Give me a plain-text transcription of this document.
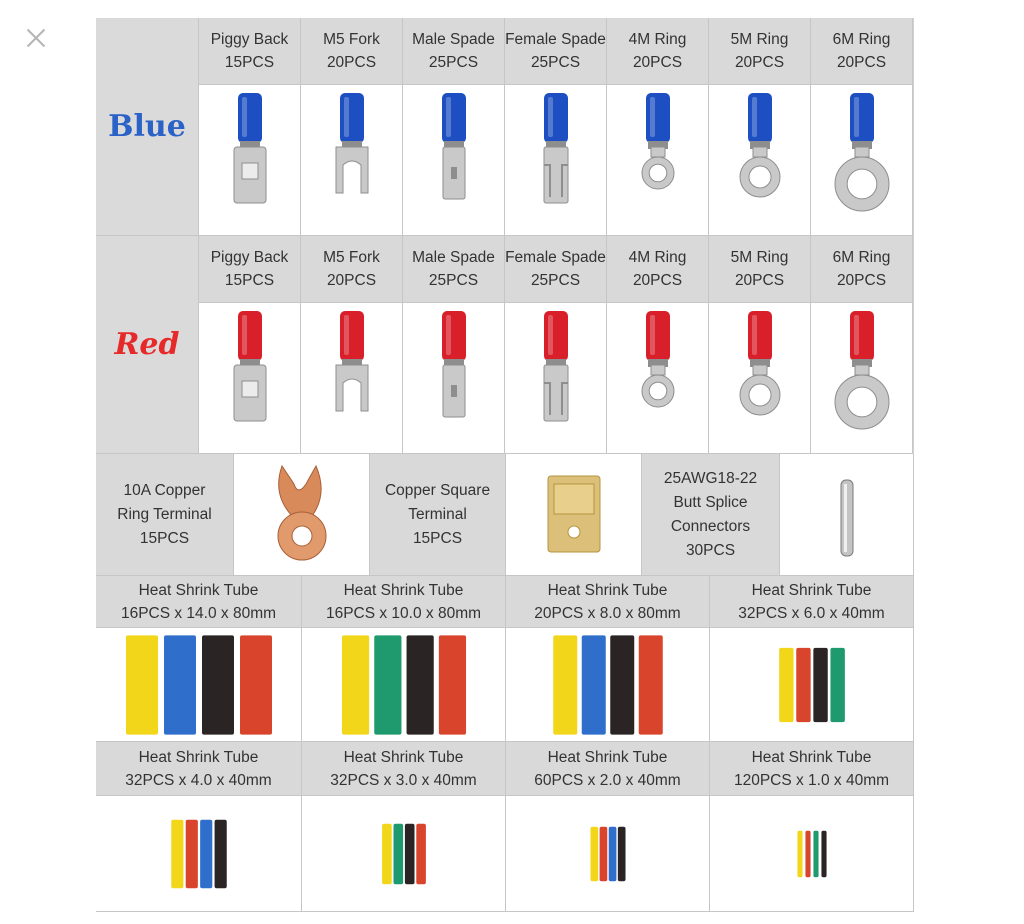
Blue
Piggy Back
15PCS
M5 Fork
20PCS
Male Spade
25PCS
Female Spade
25PCS
4M Ring
20PCS
5M Ring
20PCS
6M Ring
20PCS
Red
Piggy Back
15PCS
M5 Fork
20PCS
Male Spade
25PCS
Female Spade
25PCS
4M Ring
20PCS
5M Ring
20PCS
6M Ring
20PCS
10A Copper
Ring Terminal
15PCS
Copper Square
Terminal
15PCS
25AWG18-22
Butt Splice
Connectors
30PCS
Heat Shrink Tube
16PCS x 14.0 x 80mm
Heat Shrink Tube
16PCS x 10.0 x 80mm
Heat Shrink Tube
20PCS x 8.0 x 80mm
Heat Shrink Tube
32PCS x 6.0 x 40mm
Heat Shrink Tube
32PCS x 4.0 x 40mm
Heat Shrink Tube
32PCS x 3.0 x 40mm
Heat Shrink Tube
60PCS x 2.0 x 40mm
Heat Shrink Tube
120PCS x 1.0 x 40mm
